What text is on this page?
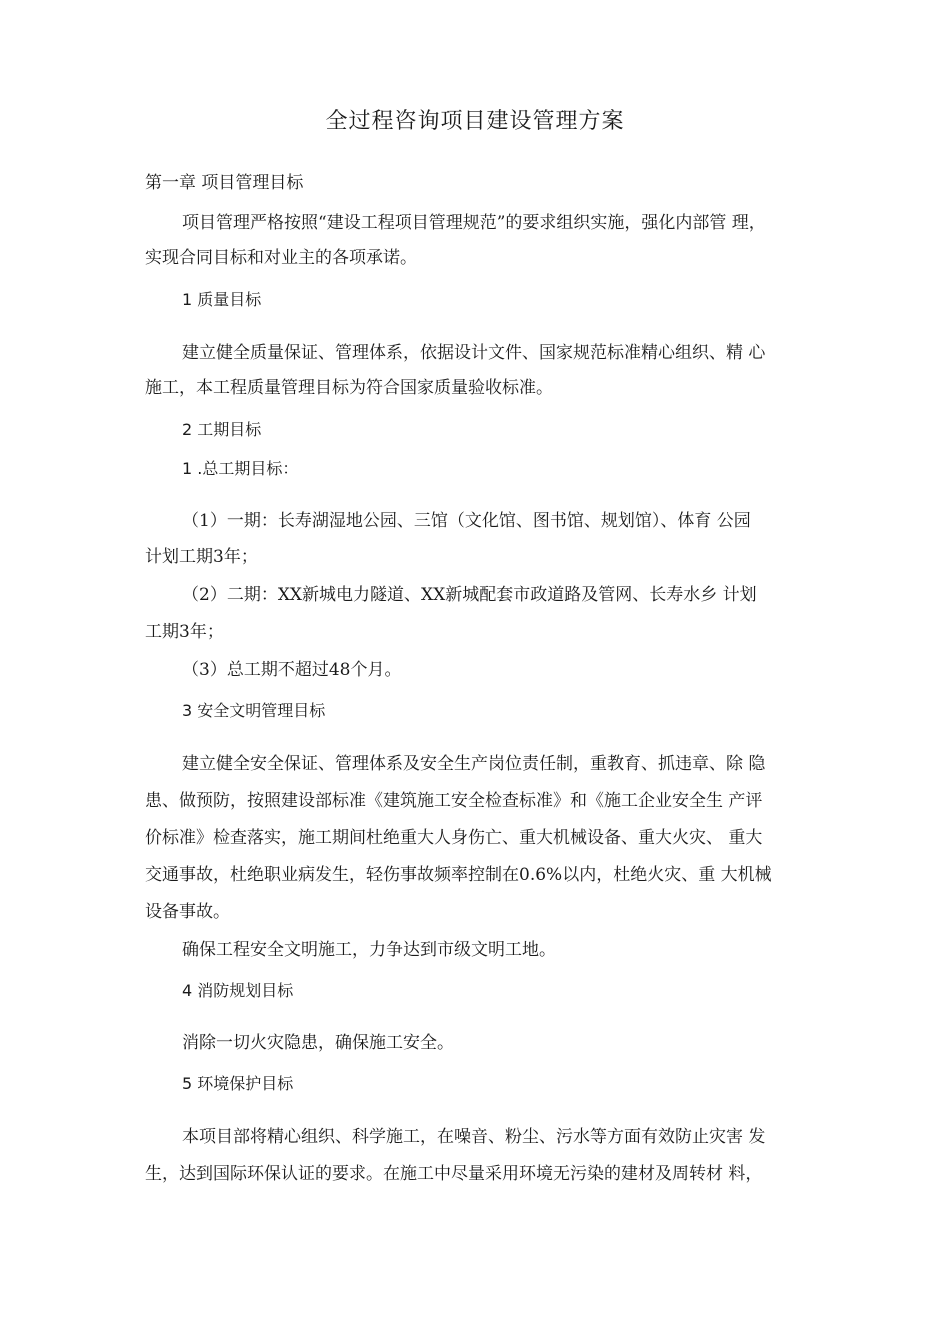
全过程咨询项目建设管理方案
第一章 项目管理目标
项目管理严格按照“建设工程项目管理规范”的要求组织实施，强化内部管 理，
实现合同目标和对业主的各项承诺。
1 质量目标
建立健全质量保证、管理体系，依据设计文件、国家规范标准精心组织、精 心
施工，本工程质量管理目标为符合国家质量验收标准。
2 工期目标
1 .总工期目标：
（1）一期：长寿湖湿地公园、三馆（文化馆、图书馆、规划馆）、体育 公园
计划工期3年；
（2）二期：XX新城电力隧道、XX新城配套市政道路及管网、长寿水乡 计划
工期3年；
（3）总工期不超过48个月。
3 安全文明管理目标
建立健全安全保证、管理体系及安全生产岗位责任制，重教育、抓违章、除 隐
患、做预防，按照建设部标准《建筑施工安全检查标准》和《施工企业安全生 产评
价标准》检查落实，施工期间杜绝重大人身伤亡、重大机械设备、重大火灾、 重大
交通事故，杜绝职业病发生，轻伤事故频率控制在0.6%以内，杜绝火灾、重 大机械
设备事故。
确保工程安全文明施工，力争达到市级文明工地。
4 消防规划目标
消除一切火灾隐患，确保施工安全。
5 环境保护目标
本项目部将精心组织、科学施工，在噪音、粉尘、污水等方面有效防止灾害 发
生，达到国际环保认证的要求。在施工中尽量采用环境无污染的建材及周转材 料，
